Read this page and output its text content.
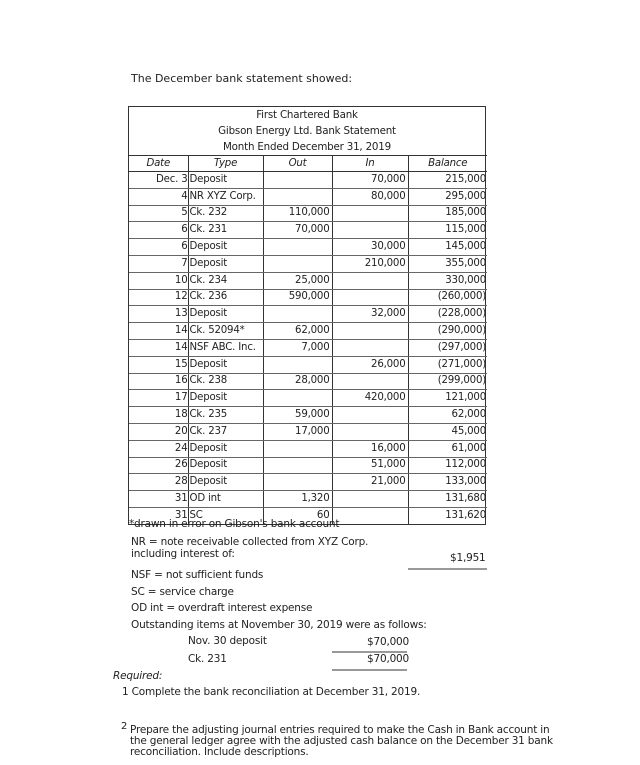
The December bank statement showed:
First Chartered Bank
Gibson Energy Ltd. Bank Statement
Month Ended December 31, 2019
Date	Type	Out	In	Balance
Dec. 3	Deposit		70,000	215,000
4	NR XYZ Corp.		80,000	295,000
5	Ck. 232	110,000		185,000
6	Ck. 231	70,000		115,000
6	Deposit		30,000	145,000
7	Deposit		210,000	355,000
10	Ck. 234	25,000		330,000
12	Ck. 236	590,000		(260,000)
13	Deposit		32,000	(228,000)
14	Ck. 52094*	62,000		(290,000)
14	NSF ABC. Inc.	7,000		(297,000)
15	Deposit		26,000	(271,000)
16	Ck. 238	28,000		(299,000)
17	Deposit		420,000	121,000
18	Ck. 235	59,000		62,000
20	Ck. 237	17,000		45,000
24	Deposit		16,000	61,000
26	Deposit		51,000	112,000
28	Deposit		21,000	133,000
31	OD int	1,320		131,680
31	SC	60		131,620
*drawn in error on Gibson's bank account
NR = note receivable collected from XYZ Corp.
including interest of:	$1,951
NSF = not sufficient funds
SC = service charge
OD int = overdraft interest expense
Outstanding items at November 30, 2019 were as follows:
Nov. 30 deposit	$70,000
Ck. 231	$70,000
Required:
1 Complete the bank reconciliation at December 31, 2019.
2 Prepare the adjusting journal entries required to make the Cash in Bank account in
the general ledger agree with the adjusted cash balance on the December 31 bank
reconciliation. Include descriptions.
